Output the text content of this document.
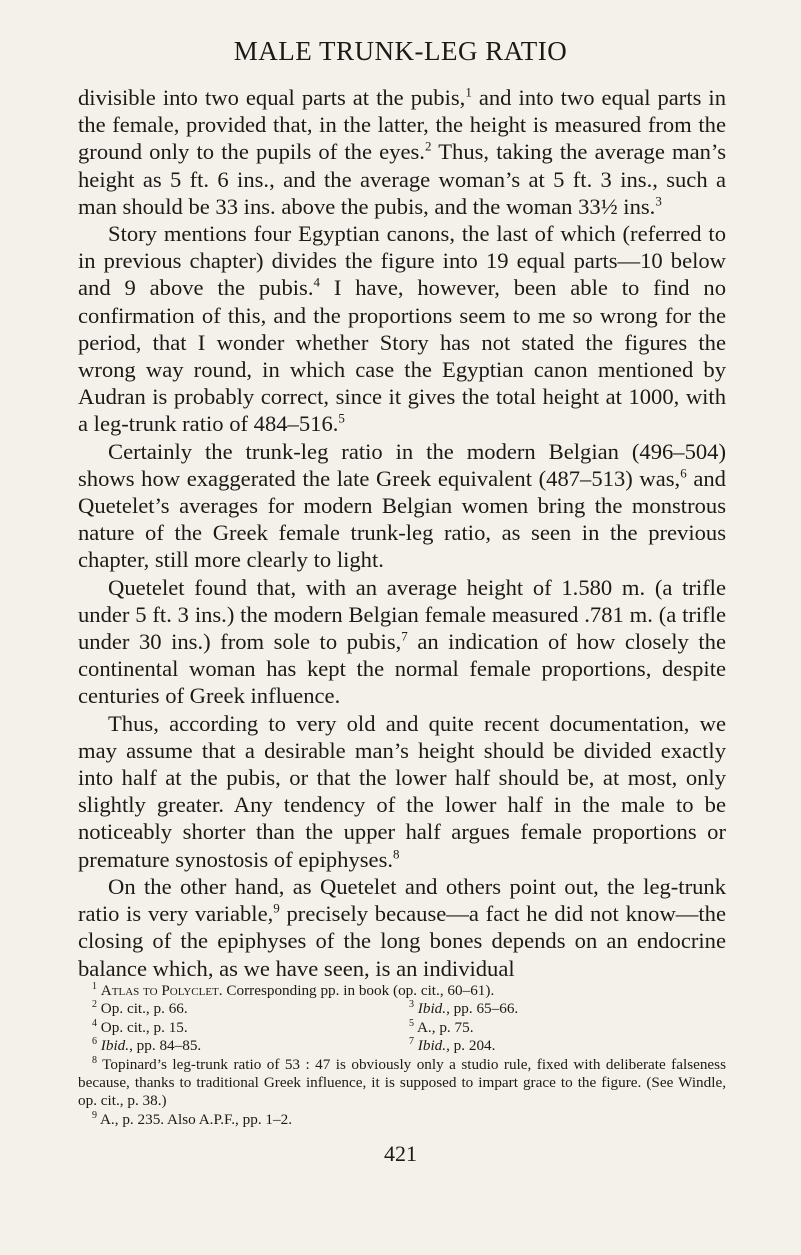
MALE TRUNK-LEG RATIO

divisible into two equal parts at the pubis,$^1$ and into two equal parts in the female, provided that, in the latter, the height is measured from the ground only to the pupils of the eyes.$^2$ Thus, taking the average man’s height as 5 ft. 6 ins., and the average woman’s at 5 ft. 3 ins., such a man should be 33 ins. above the pubis, and the woman 33½ ins.$^3$

Story mentions four Egyptian canons, the last of which (referred to in previous chapter) divides the figure into 19 equal parts—10 below and 9 above the pubis.$^4$ I have, however, been able to find no confirmation of this, and the proportions seem to me so wrong for the period, that I wonder whether Story has not stated the figures the wrong way round, in which case the Egyptian canon mentioned by Audran is probably correct, since it gives the total height at 1000, with a leg-trunk ratio of 484–516.$^5$

Certainly the trunk-leg ratio in the modern Belgian (496–504) shows how exaggerated the late Greek equivalent (487–513) was,$^6$ and Quetelet’s averages for modern Belgian women bring the monstrous nature of the Greek female trunk-leg ratio, as seen in the previous chapter, still more clearly to light.

Quetelet found that, with an average height of 1.580 m. (a trifle under 5 ft. 3 ins.) the modern Belgian female measured .781 m. (a trifle under 30 ins.) from sole to pubis,$^7$ an indication of how closely the continental woman has kept the normal female proportions, despite centuries of Greek influence.

Thus, according to very old and quite recent documentation, we may assume that a desirable man’s height should be divided exactly into half at the pubis, or that the lower half should be, at most, only slightly greater. Any tendency of the lower half in the male to be noticeably shorter than the upper half argues female proportions or premature synostosis of epiphyses.$^8$

On the other hand, as Quetelet and others point out, the leg-trunk ratio is very variable,$^9$ precisely because—a fact he did not know—the closing of the epiphyses of the long bones depends on an endocrine balance which, as we have seen, is an individual

$^1$ Atlas to Polyclet. Corresponding pp. in book (op. cit., 60–61).
$^2$ Op. cit., p. 66.	$^3$ Ibid., pp. 65–66.
$^4$ Op. cit., p. 15.	$^5$ A., p. 75.
$^6$ Ibid., pp. 84–85.	$^7$ Ibid., p. 204.
$^8$ Topinard’s leg-trunk ratio of 53 : 47 is obviously only a studio rule, fixed with deliberate falseness because, thanks to traditional Greek influence, it is supposed to impart grace to the figure. (See Windle, op. cit., p. 38.)
$^9$ A., p. 235. Also A.P.F., pp. 1–2.
421
